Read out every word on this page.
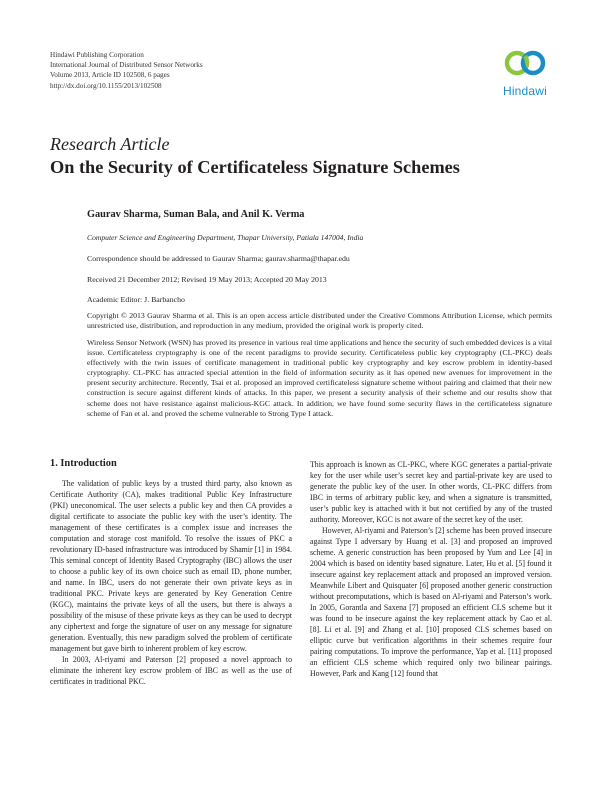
Hindawi Publishing Corporation
International Journal of Distributed Sensor Networks
Volume 2013, Article ID 102508, 6 pages
http://dx.doi.org/10.1155/2013/102508	Hindawi
Research Article
On the Security of Certificateless Signature Schemes
Gaurav Sharma, Suman Bala, and Anil K. Verma
Computer Science and Engineering Department, Thapar University, Patiala 147004, India
Correspondence should be addressed to Gaurav Sharma; gaurav.sharma@thapar.edu
Received 21 December 2012; Revised 19 May 2013; Accepted 20 May 2013
Academic Editor: J. Barbancho
Copyright © 2013 Gaurav Sharma et al. This is an open access article distributed under the Creative Commons Attribution License, which permits unrestricted use, distribution, and reproduction in any medium, provided the original work is properly cited.
Wireless Sensor Network (WSN) has proved its presence in various real time applications and hence the security of such embedded devices is a vital issue. Certificateless cryptography is one of the recent paradigms to provide security. Certificateless public key cryptography (CL-PKC) deals effectively with the twin issues of certificate management in traditional public key cryptography and key escrow problem in identity-based cryptography. CL-PKC has attracted special attention in the field of information security as it has opened new avenues for improvement in the present security architecture. Recently, Tsai et al. proposed an improved certificateless signature scheme without pairing and claimed that their new construction is secure against different kinds of attacks. In this paper, we present a security analysis of their scheme and our results show that scheme does not have resistance against malicious-KGC attack. In addition, we have found some security flaws in the certificateless signature scheme of Fan et al. and proved the scheme vulnerable to Strong Type I attack.
1. Introduction

The validation of public keys by a trusted third party, also known as Certificate Authority (CA), makes traditional Public Key Infrastructure (PKI) uneconomical. The user selects a public key and then CA provides a digital certificate to associate the public key with the user’s identity. The management of these certificates is a complex issue and increases the computation and storage cost manifold. To resolve the issues of PKC a revolutionary ID-based infrastructure was introduced by Shamir [1] in 1984. This seminal concept of Identity Based Cryptography (IBC) allows the user to choose a public key of its own choice such as email ID, phone number, and name. In IBC, users do not generate their own private keys as in traditional PKC. Private keys are generated by Key Generation Centre (KGC), maintains the private keys of all the users, but there is always a possibility of the misuse of these private keys as they can be used to decrypt any ciphertext and forge the signature of user on any message for signature generation. Eventually, this new paradigm solved the problem of certificate management but gave birth to inherent problem of key escrow.

In 2003, Al-riyami and Paterson [2] proposed a novel approach to eliminate the inherent key escrow problem of IBC as well as the use of certificates in traditional PKC.

This approach is known as CL-PKC, where KGC generates a partial-private key for the user while user’s secret key and partial-private key are used to generate the public key of the user. In other words, CL-PKC differs from IBC in terms of arbitrary public key, and when a signature is transmitted, user’s public key is attached with it but not certified by any of the trusted authority. Moreover, KGC is not aware of the secret key of the user.

However, Al-riyami and Paterson’s [2] scheme has been proved insecure against Type I adversary by Huang et al. [3] and proposed an improved scheme. A generic construction has been proposed by Yum and Lee [4] in 2004 which is based on identity based signature. Later, Hu et al. [5] found it insecure against key replacement attack and proposed an improved version. Meanwhile Libert and Quisquater [6] proposed another generic construction without precomputations, which is based on Al-riyami and Paterson’s work. In 2005, Gorantla and Saxena [7] proposed an efficient CLS scheme but it was found to be insecure against the key replacement attack by Cao et al. [8]. Li et al. [9] and Zhang et al. [10] proposed CLS schemes based on elliptic curve but verification algorithms in their schemes require four pairing computations. To improve the performance, Yap et al. [11] proposed an efficient CLS scheme which required only two bilinear pairings. However, Park and Kang [12] found that
